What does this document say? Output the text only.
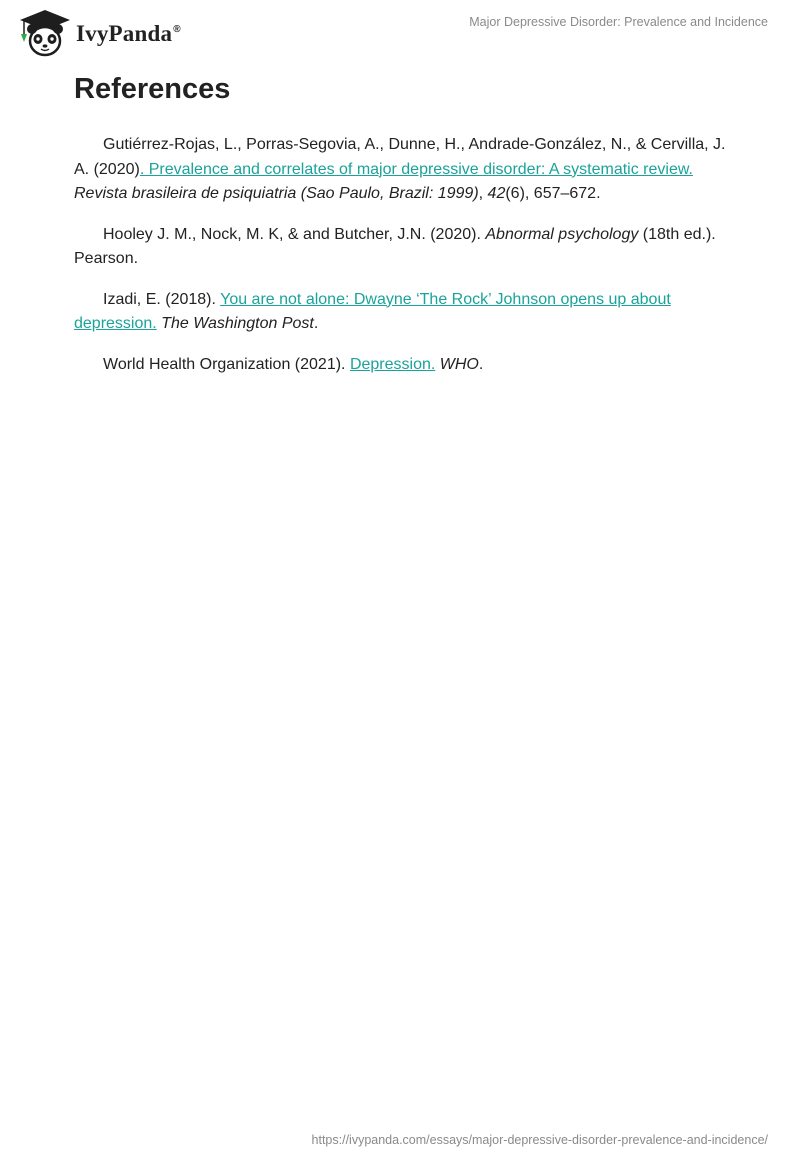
IvyPanda®
Major Depressive Disorder: Prevalence and Incidence
References

Gutiérrez-Rojas, L., Porras-Segovia, A., Dunne, H., Andrade-González, N., & Cervilla, J. A. (2020). Prevalence and correlates of major depressive disorder: A systematic review. Revista brasileira de psiquiatria (Sao Paulo, Brazil: 1999), 42(6), 657–672.

Hooley J. M., Nock, M. K, & and Butcher, J.N. (2020). Abnormal psychology (18th ed.). Pearson.

Izadi, E. (2018). You are not alone: Dwayne ‘The Rock’ Johnson opens up about depression. The Washington Post.

World Health Organization (2021). Depression. WHO.

https://ivypanda.com/essays/major-depressive-disorder-prevalence-and-incidence/
